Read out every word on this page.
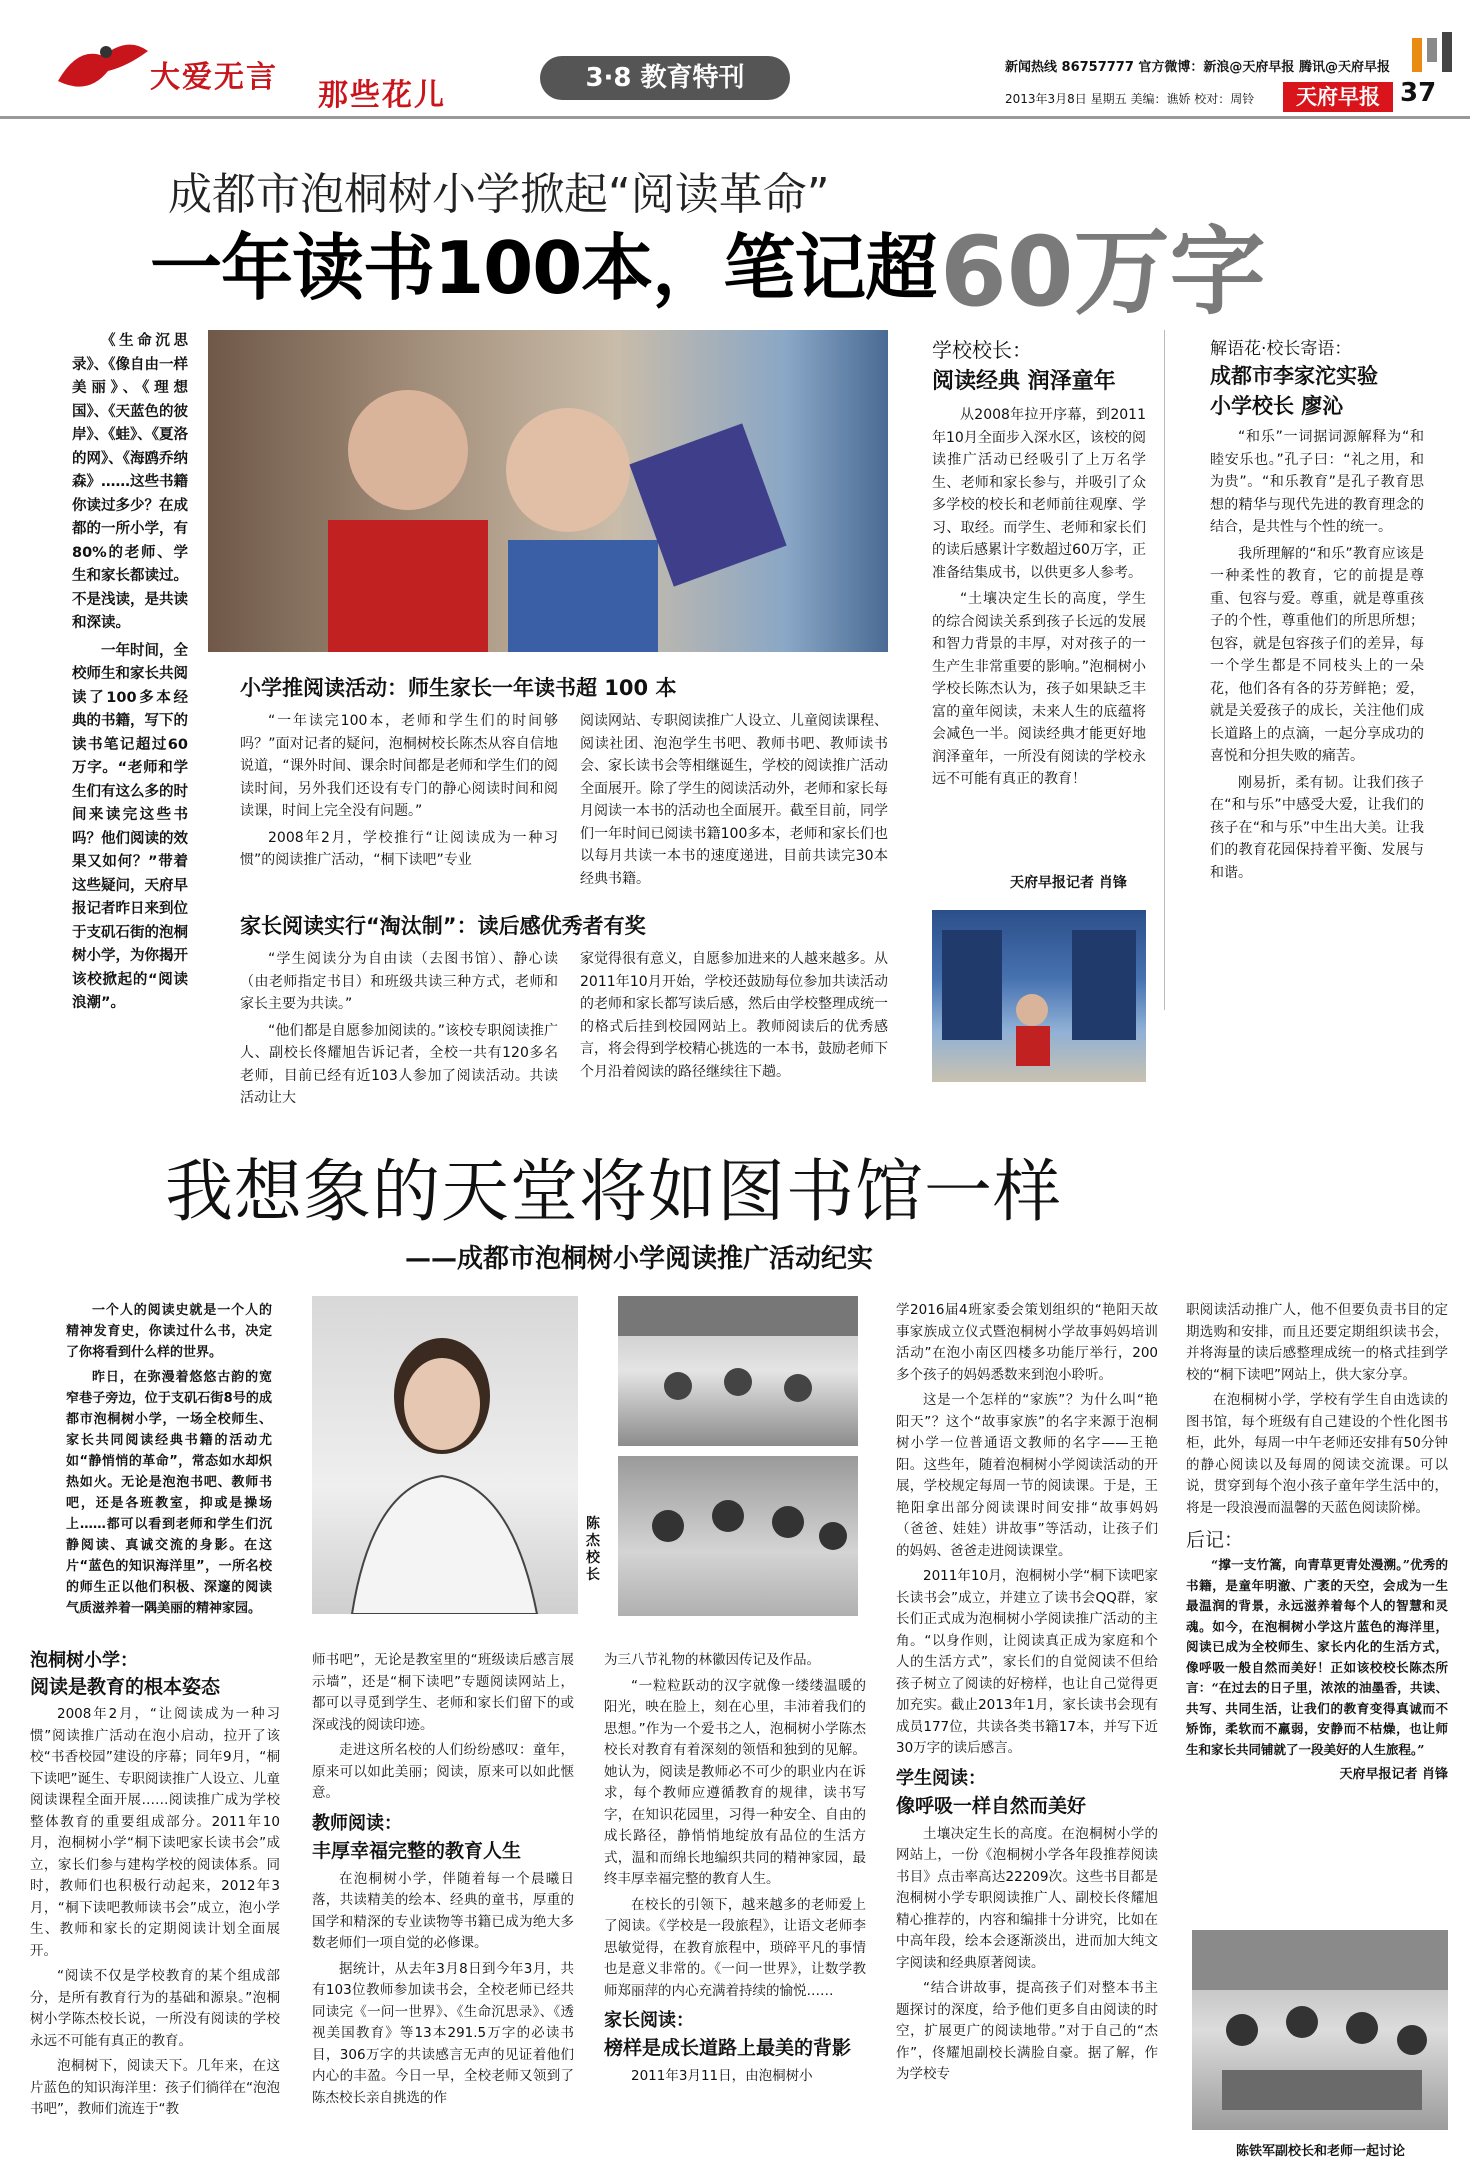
大爱无言
那些花儿	3·8 教育特刊	新闻热线 86757777 官方微博：新浪@天府早报 腾讯@天府早报
2013年3月8日 星期五 美编：谯娇 校对：周铃	天府早报 37
成都市泡桐树小学掀起“阅读革命”
一年读书100本，笔记超 60万字

《生命沉思录》、《像自由一样美丽》、《理想国》、《天蓝色的彼岸》、《蛙》、《夏洛的网》、《海鸥乔纳森》……这些书籍你读过多少？在成都的一所小学，有80%的老师、学生和家长都读过。不是浅读，是共读和深读。

一年时间，全校师生和家长共阅读了100多本经典的书籍，写下的读书笔记超过60万字。“老师和学生们有这么多的时间来读完这些书吗？他们阅读的效果又如何？”带着这些疑问，天府早报记者昨日来到位于支矶石街的泡桐树小学，为你揭开该校掀起的“阅读浪潮”。

小学推阅读活动：师生家长一年读书超 100 本

“一年读完100本，老师和学生们的时间够吗？”面对记者的疑问，泡桐树校长陈杰从容自信地说道，“课外时间、课余时间都是老师和学生们的阅读时间，另外我们还设有专门的静心阅读时间和阅读课，时间上完全没有问题。”

2008年2月，学校推行“让阅读成为一种习惯”的阅读推广活动，“桐下读吧”专业

阅读网站、专职阅读推广人设立、儿童阅读课程、阅读社团、泡泡学生书吧、教师书吧、教师读书会、家长读书会等相继诞生，学校的阅读推广活动全面展开。除了学生的阅读活动外，老师和家长每月阅读一本书的活动也全面展开。截至目前，同学们一年时间已阅读书籍100多本，老师和家长们也以每月共读一本书的速度递进，目前共读完30本经典书籍。

家长阅读实行“淘汰制”：读后感优秀者有奖

“学生阅读分为自由读（去图书馆）、静心读（由老师指定书目）和班级共读三种方式，老师和家长主要为共读。”

“他们都是自愿参加阅读的。”该校专职阅读推广人、副校长佟耀旭告诉记者，全校一共有120多名老师，目前已经有近103人参加了阅读活动。共读活动让大

家觉得很有意义，自愿参加进来的人越来越多。从2011年10月开始，学校还鼓励每位参加共读活动的老师和家长都写读后感，然后由学校整理成统一的格式后挂到校园网站上。教师阅读后的优秀感言，将会得到学校精心挑选的一本书，鼓励老师下个月沿着阅读的路径继续往下趟。

学校校长：
阅读经典 润泽童年

从2008年拉开序幕，到2011年10月全面步入深水区，该校的阅读推广活动已经吸引了上万名学生、老师和家长参与，并吸引了众多学校的校长和老师前往观摩、学习、取经。而学生、老师和家长们的读后感累计字数超过60万字，正准备结集成书，以供更多人参考。

“土壤决定生长的高度，学生的综合阅读关系到孩子长远的发展和智力背景的丰厚，对对孩子的一生产生非常重要的影响。”泡桐树小学校长陈杰认为，孩子如果缺乏丰富的童年阅读，未来人生的底蕴将会减色一半。阅读经典才能更好地润泽童年，一所没有阅读的学校永远不可能有真正的教育！

天府早报记者 肖锋
解语花·校长寄语：
成都市李家沱实验
小学校长 廖沁

“和乐”一词据词源解释为“和睦安乐也。”孔子曰：“礼之用，和为贵”。“和乐教育”是孔子教育思想的精华与现代先进的教育理念的结合，是共性与个性的统一。

我所理解的“和乐”教育应该是一种柔性的教育，它的前提是尊重、包容与爱。尊重，就是尊重孩子的个性，尊重他们的所思所想；包容，就是包容孩子们的差异，每一个学生都是不同枝头上的一朵花，他们各有各的芬芳鲜艳；爱，就是关爱孩子的成长，关注他们成长道路上的点滴，一起分享成功的喜悦和分担失败的痛苦。

刚易折，柔有韧。让我们孩子在“和与乐”中感受大爱，让我们的孩子在“和与乐”中生出大美。让我们的教育花园保持着平衡、发展与和谐。

我想象的天堂将如图书馆一样
——成都市泡桐树小学阅读推广活动纪实

一个人的阅读史就是一个人的精神发育史，你读过什么书，决定了你将看到什么样的世界。

昨日，在弥漫着悠悠古韵的宽窄巷子旁边，位于支矶石街8号的成都市泡桐树小学，一场全校师生、家长共同阅读经典书籍的活动尤如“静悄悄的革命”，常态如水却炽热如火。无论是泡泡书吧、教师书吧，还是各班教室，抑或是操场上……都可以看到老师和学生们沉静阅读、真诚交流的身影。在这片“蓝色的知识海洋里”，一所名校的师生正以他们积极、深邃的阅读气质滋养着一隅美丽的精神家园。

陈杰校长
泡桐树小学：
阅读是教育的根本姿态

2008年2月，“让阅读成为一种习惯”阅读推广活动在泡小启动，拉开了该校“书香校园”建设的序幕；同年9月，“桐下读吧”诞生、专职阅读推广人设立、儿童阅读课程全面开展……阅读推广成为学校整体教育的重要组成部分。2011年10月，泡桐树小学“桐下读吧家长读书会”成立，家长们参与建构学校的阅读体系。同时，教师们也积极行动起来，2012年3月，“桐下读吧教师读书会”成立，泡小学生、教师和家长的定期阅读计划全面展开。

“阅读不仅是学校教育的某个组成部分，是所有教育行为的基础和源泉。”泡桐树小学陈杰校长说，一所没有阅读的学校永远不可能有真正的教育。

泡桐树下，阅读天下。几年来，在这片蓝色的知识海洋里：孩子们徜徉在“泡泡书吧”，教师们流连于“教

师书吧”，无论是教室里的“班级读后感言展示墙”，还是“桐下读吧”专题阅读网站上，都可以寻觅到学生、老师和家长们留下的或深或浅的阅读印迹。

走进这所名校的人们纷纷感叹：童年，原来可以如此美丽；阅读，原来可以如此惬意。

教师阅读：
丰厚幸福完整的教育人生

在泡桐树小学，伴随着每一个晨曦日落，共读精美的绘本、经典的童书，厚重的国学和精深的专业读物等书籍已成为绝大多数老师们一项自觉的必修课。

据统计，从去年3月8日到今年3月，共有103位教师参加读书会，全校老师已经共同读完《一问一世界》、《生命沉思录》、《透视美国教育》等13本291.5万字的必读书目，306万字的共读感言无声的见证着他们内心的丰盈。今日一早，全校老师又领到了陈杰校长亲自挑选的作

为三八节礼物的林徽因传记及作品。

“一粒粒跃动的汉字就像一缕缕温暖的阳光，映在脸上，刻在心里，丰沛着我们的思想。”作为一个爱书之人，泡桐树小学陈杰校长对教育有着深刻的领悟和独到的见解。她认为，阅读是教师必不可少的职业内在诉求，每个教师应遵循教育的规律，读书写字，在知识花园里，习得一种安全、自由的成长路径，静悄悄地绽放有品位的生活方式，温和而绵长地编织共同的精神家园，最终丰厚幸福完整的教育人生。

在校长的引领下，越来越多的老师爱上了阅读。《学校是一段旅程》，让语文老师李思敏觉得，在教育旅程中，琐碎平凡的事情也是意义非常的。《一问一世界》，让数学教师郑丽萍的内心充满着持续的愉悦……

家长阅读：
榜样是成长道路上最美的背影

2011年3月11日，由泡桐树小

学2016届4班家委会策划组织的“艳阳天故事家族成立仪式暨泡桐树小学故事妈妈培训活动”在泡小南区四楼多功能厅举行，200多个孩子的妈妈悉数来到泡小聆听。

这是一个怎样的“家族”？为什么叫“艳阳天”？这个“故事家族”的名字来源于泡桐树小学一位普通语文教师的名字——王艳阳。这些年，随着泡桐树小学阅读活动的开展，学校规定每周一节的阅读课。于是，王艳阳拿出部分阅读课时间安排“故事妈妈（爸爸、娃娃）讲故事”等活动，让孩子们的妈妈、爸爸走进阅读课堂。

2011年10月，泡桐树小学“桐下读吧家长读书会”成立，并建立了读书会QQ群，家长们正式成为泡桐树小学阅读推广活动的主角。“以身作则，让阅读真正成为家庭和个人的生活方式”，家长们的自觉阅读不但给孩子树立了阅读的好榜样，也让自己觉得更加充实。截止2013年1月，家长读书会现有成员177位，共读各类书籍17本，并写下近30万字的读后感言。

学生阅读：
像呼吸一样自然而美好

土壤决定生长的高度。在泡桐树小学的网站上，一份《泡桐树小学各年段推荐阅读书目》点击率高达22209次。这些书目都是泡桐树小学专职阅读推广人、副校长佟耀旭精心推荐的，内容和编排十分讲究，比如在中高年段，绘本会逐渐淡出，进而加大纯文字阅读和经典原著阅读。

“结合讲故事，提高孩子们对整本书主题探讨的深度，给予他们更多自由阅读的时空，扩展更广的阅读地带。”对于自己的“杰作”，佟耀旭副校长满脸自豪。据了解，作为学校专

职阅读活动推广人，他不但要负责书目的定期选购和安排，而且还要定期组织读书会，并将海量的读后感整理成统一的格式挂到学校的“桐下读吧”网站上，供大家分享。

在泡桐树小学，学校有学生自由选读的图书馆，每个班级有自己建设的个性化图书柜，此外，每周一中午老师还安排有50分钟的静心阅读以及每周的阅读交流课。可以说，贯穿到每个泡小孩子童年学生活中的，将是一段浪漫而温馨的天蓝色阅读阶梯。

后记：

“撑一支竹篙，向青草更青处漫溯。”优秀的书籍，是童年明澈、广袤的天空，会成为一生最温润的背景，永远滋养着每个人的智慧和灵魂。如今，在泡桐树小学这片蓝色的海洋里，阅读已成为全校师生、家长内化的生活方式，像呼吸一般自然而美好！正如该校校长陈杰所言：“在过去的日子里，浓浓的油墨香，共读、共写、共同生活，让我们的教育变得真诚而不矫饰，柔软而不羸弱，安静而不枯燥，也让师生和家长共同铺就了一段美好的人生旅程。”

天府早报记者 肖锋
陈铁军副校长和老师一起讨论
